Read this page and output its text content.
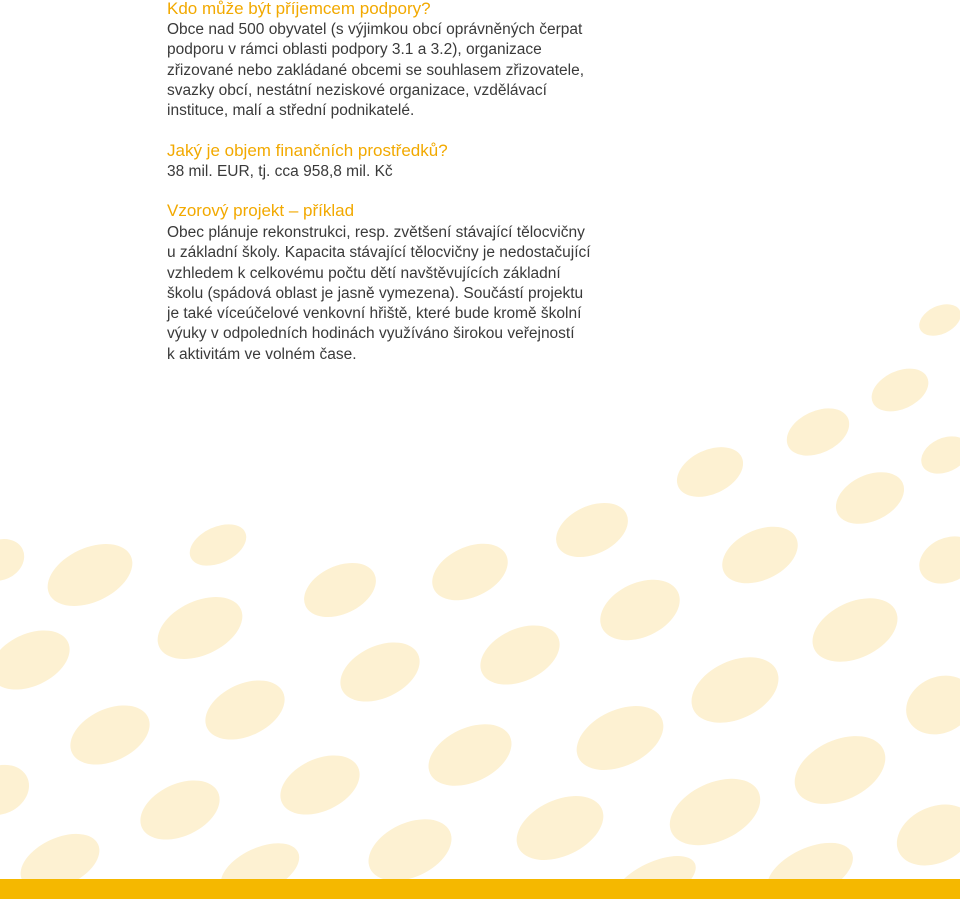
Kdo může být příjemcem podpory?

Obce nad 500 obyvatel (s výjimkou obcí oprávněných čerpat
podporu v rámci oblasti podpory 3.1 a 3.2), organizace
zřizované nebo zakládané obcemi se souhlasem zřizovatele,
svazky obcí, nestátní neziskové organizace, vzdělávací
instituce, malí a střední podnikatelé.

Jaký je objem finančních prostředků?

38 mil. EUR, tj. cca 958,8 mil. Kč

Vzorový projekt – příklad

Obec plánuje rekonstrukci, resp. zvětšení stávající tělocvičny
u základní školy. Kapacita stávající tělocvičny je nedostačující
vzhledem k celkovému počtu dětí navštěvujících základní
školu (spádová oblast je jasně vymezena). Součástí projektu
je také víceúčelové venkovní hřiště, které bude kromě školní
výuky v odpoledních hodinách využíváno širokou veřejností
k aktivitám ve volném čase.
